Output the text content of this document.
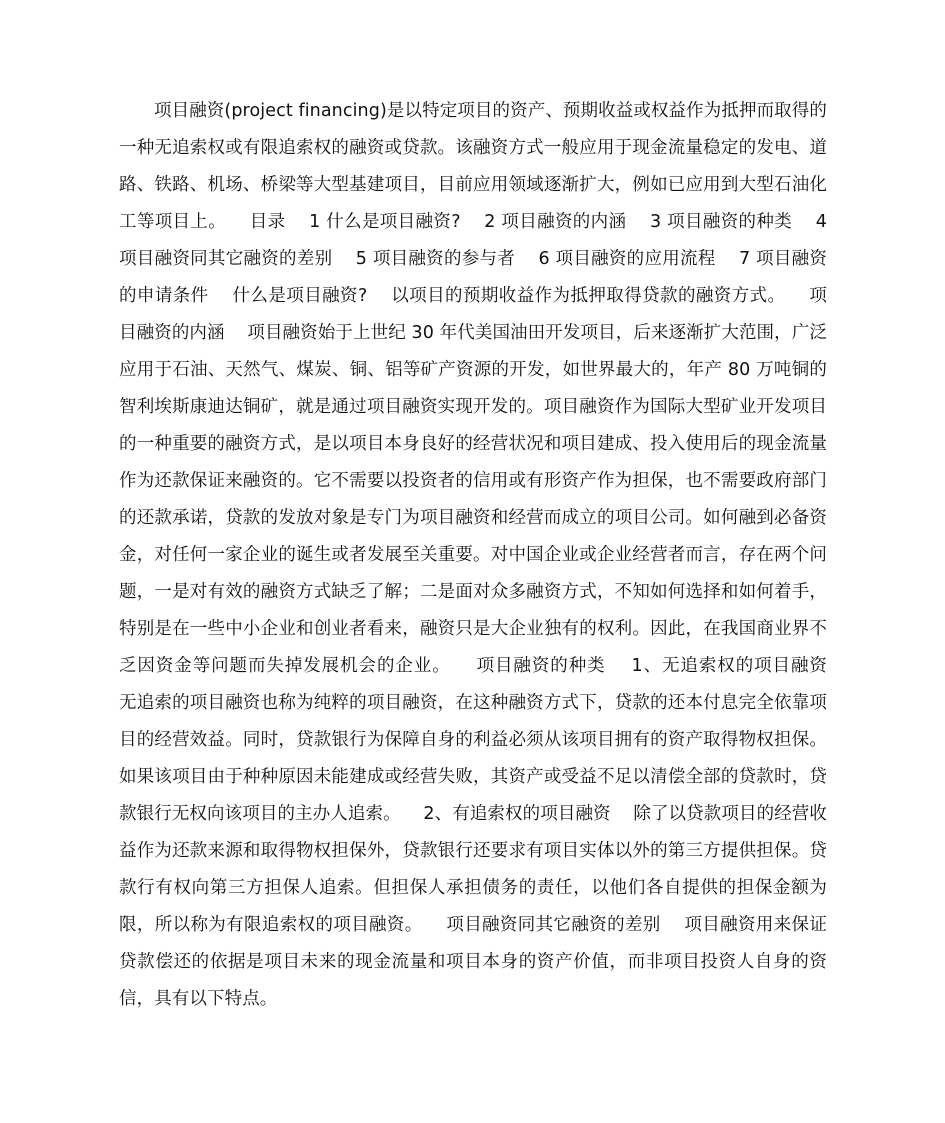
项目融资(project financing)是以特定项目的资产、预期收益或权益作为抵押而取得的一种无追索权或有限追索权的融资或贷款。该融资方式一般应用于现金流量稳定的发电、道路、铁路、机场、桥梁等大型基建项目，目前应用领域逐渐扩大，例如已应用到大型石油化工等项目上。    目录    1 什么是项目融资?    2 项目融资的内涵    3 项目融资的种类    4 项目融资同其它融资的差别    5 项目融资的参与者    6 项目融资的应用流程    7 项目融资的申请条件    什么是项目融资?    以项目的预期收益作为抵押取得贷款的融资方式。    项目融资的内涵    项目融资始于上世纪 30 年代美国油田开发项目，后来逐渐扩大范围，广泛应用于石油、天然气、煤炭、铜、铝等矿产资源的开发，如世界最大的，年产 80 万吨铜的智利埃斯康迪达铜矿，就是通过项目融资实现开发的。项目融资作为国际大型矿业开发项目的一种重要的融资方式，是以项目本身良好的经营状况和项目建成、投入使用后的现金流量作为还款保证来融资的。它不需要以投资者的信用或有形资产作为担保，也不需要政府部门的还款承诺，贷款的发放对象是专门为项目融资和经营而成立的项目公司。如何融到必备资金，对任何一家企业的诞生或者发展至关重要。对中国企业或企业经营者而言，存在两个问题，一是对有效的融资方式缺乏了解；二是面对众多融资方式，不知如何选择和如何着手，特别是在一些中小企业和创业者看来，融资只是大企业独有的权利。因此，在我国商业界不乏因资金等问题而失掉发展机会的企业。    项目融资的种类    1、无追索权的项目融资    无追索的项目融资也称为纯粹的项目融资，在这种融资方式下，贷款的还本付息完全依靠项目的经营效益。同时，贷款银行为保障自身的利益必须从该项目拥有的资产取得物权担保。如果该项目由于种种原因未能建成或经营失败，其资产或受益不足以清偿全部的贷款时，贷款银行无权向该项目的主办人追索。    2、有追索权的项目融资    除了以贷款项目的经营收益作为还款来源和取得物权担保外，贷款银行还要求有项目实体以外的第三方提供担保。贷款行有权向第三方担保人追索。但担保人承担债务的责任，以他们各自提供的担保金额为限，所以称为有限追索权的项目融资。    项目融资同其它融资的差别    项目融资用来保证贷款偿还的依据是项目未来的现金流量和项目本身的资产价值，而非项目投资人自身的资信，具有以下特点。
